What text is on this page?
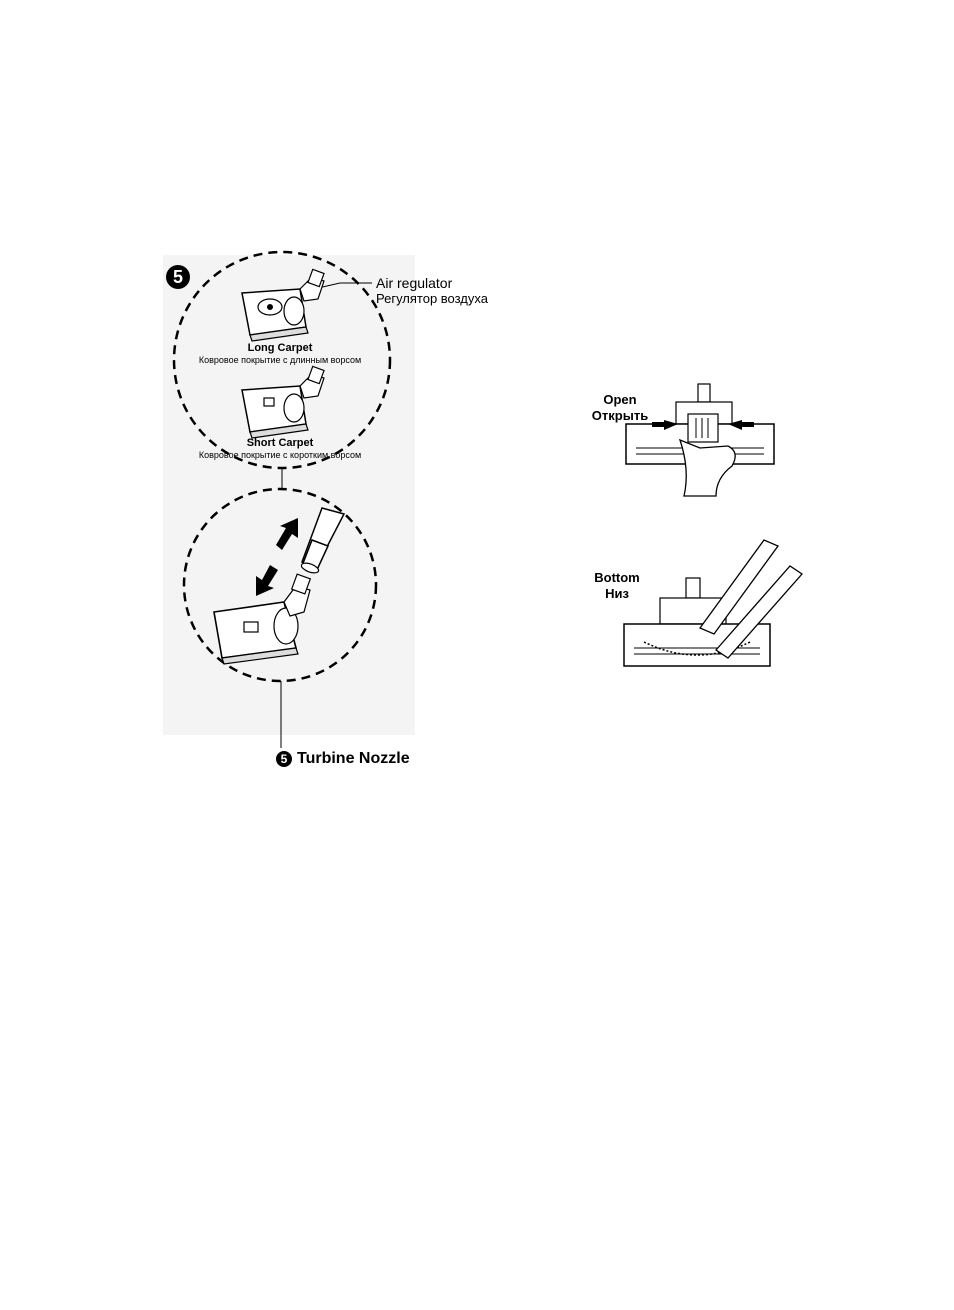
5	Air regulator
Регулятор воздуха
Long Carpet
Ковровое покрытие с длинным ворсом
Short Carpet
Ковровое покрытие с коротким ворсом
Open
Открыть
Bottom
Низ
5 Turbine Nozzle
